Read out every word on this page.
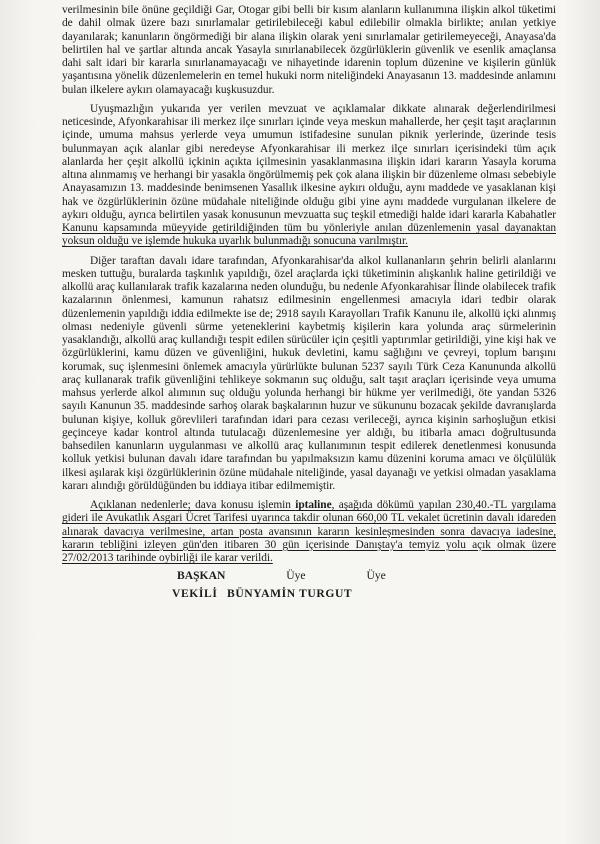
verilmesinin bile önüne geçildiği Gar, Otogar gibi belli bir kısım alanların kullanımına ilişkin alkol tüketimi de dahil olmak üzere bazı sınırlamalar getirilebileceği kabul edilebilir olmakla birlikte; anılan yetkiye dayanılarak; kanunların öngörmediği bir alana ilişkin olarak yeni sınırlamalar getirilemeyeceği, Anayasa'da belirtilen hal ve şartlar altında ancak Yasayla sınırlanabilecek özgürlüklerin güvenlik ve esenlik amaçlansa dahi salt idari bir kararla sınırlanamayacağı ve nihayetinde idarenin toplum düzenine ve kişilerin günlük yaşantısına yönelik düzenlemelerin en temel hukuki norm niteliğindeki Anayasanın 13. maddesinde anlamını bulan ilkelere aykırı olamayacağı kuşkusuzdur.

Uyuşmazlığın yukarıda yer verilen mevzuat ve açıklamalar dikkate alınarak değerlendirilmesi neticesinde, Afyonkarahisar ili merkez ilçe sınırları içinde veya meskun mahallerde, her çeşit taşıt araçlarının içinde, umuma mahsus yerlerde veya umumun istifadesine sunulan piknik yerlerinde, üzerinde tesis bulunmayan açık alanlar gibi neredeyse Afyonkarahisar ili merkez ilçe sınırları içerisindeki tüm açık alanlarda her çeşit alkollü içkinin açıkta içilmesinin yasaklanmasına ilişkin idari kararın Yasayla koruma altına alınmamış ve herhangi bir yasakla öngörülmemiş pek çok alana ilişkin bir düzenleme olması sebebiyle Anayasamızın 13. maddesinde benimsenen Yasallık ilkesine aykırı olduğu, aynı maddede ve yasaklanan kişi hak ve özgürlüklerinin özüne müdahale niteliğinde olduğu gibi yine aynı maddede vurgulanan ilkelere de aykırı olduğu, ayrıca belirtilen yasak konusunun mevzuatta suç teşkil etmediği halde idari kararla Kabahatler Kanunu kapsamında müeyyide getirildiğinden tüm bu yönleriyle anılan düzenlemenin yasal dayanaktan yoksun olduğu ve işlemde hukuka uyarlık bulunmadığı sonucuna varılmıştır.

Diğer taraftan davalı idare tarafından, Afyonkarahisar'da alkol kullananların şehrin belirli alanlarını mesken tuttuğu, buralarda taşkınlık yapıldığı, özel araçlarda içki tüketiminin alışkanlık haline getirildiği ve alkollü araç kullanılarak trafik kazalarına neden olunduğu, bu nedenle Afyonkarahisar İlinde olabilecek trafik kazalarının önlenmesi, kamunun rahatsız edilmesinin engellenmesi amacıyla idari tedbir olarak düzenlemenin yapıldığı iddia edilmekte ise de; 2918 sayılı Karayolları Trafik Kanunu ile, alkollü içki alınmış olması nedeniyle güvenli sürme yeteneklerini kaybetmiş kişilerin kara yolunda araç sürmelerinin yasaklandığı, alkollü araç kullandığı tespit edilen sürücüler için çeşitli yaptırımlar getirildiği, yine kişi hak ve özgürlüklerini, kamu düzen ve güvenliğini, hukuk devletini, kamu sağlığını ve çevreyi, toplum barışını korumak, suç işlenmesini önlemek amacıyla yürürlükte bulunan 5237 sayılı Türk Ceza Kanununda alkollü araç kullanarak trafik güvenliğini tehlikeye sokmanın suç olduğu, salt taşıt araçları içerisinde veya umuma mahsus yerlerde alkol alımının suç olduğu yolunda herhangi bir hükme yer verilmediği, öte yandan 5326 sayılı Kanunun 35. maddesinde sarhoş olarak başkalarının huzur ve sükununu bozacak şekilde davranışlarda bulunan kişiye, kolluk görevlileri tarafından idari para cezası verileceği, ayrıca kişinin sarhoşluğun etkisi geçinceye kadar kontrol altında tutulacağı düzenlemesine yer aldığı, bu itibarla amacı doğrultusunda bahsedilen kanunların uygulanması ve alkollü araç kullanımının tespit edilerek denetlenmesi konusunda kolluk yetkisi bulunan davalı idare tarafından bu yapılmaksızın kamu düzenini koruma amacı ve ölçülülük ilkesi aşılarak kişi özgürlüklerinin özüne müdahale niteliğinde, yasal dayanağı ve yetkisi olmadan yasaklama kararı alındığı görüldüğünden bu iddiaya itibar edilmemiştir.

Açıklanan nedenlerle; dava konusu işlemin iptaline, aşağıda dökümü yapılan 230,40.-TL yargılama gideri ile Avukatlık Asgari Ücret Tarifesi uyarınca takdir olunan 660,00 TL vekalet ücretinin davalı idareden alınarak davacıya verilmesine, artan posta avansının kararın kesinleşmesinden sonra davacıya iadesine, kararın tebliğini izleyen gün'den itibaren 30 gün içerisinde Danıştay'a temyiz yolu açık olmak üzere 27/02/2013 tarihinde oybirliği ile karar verildi.

BAŞKAN	Üye	Üye
VEKİLİ BÜNYAMİN TURGUT
